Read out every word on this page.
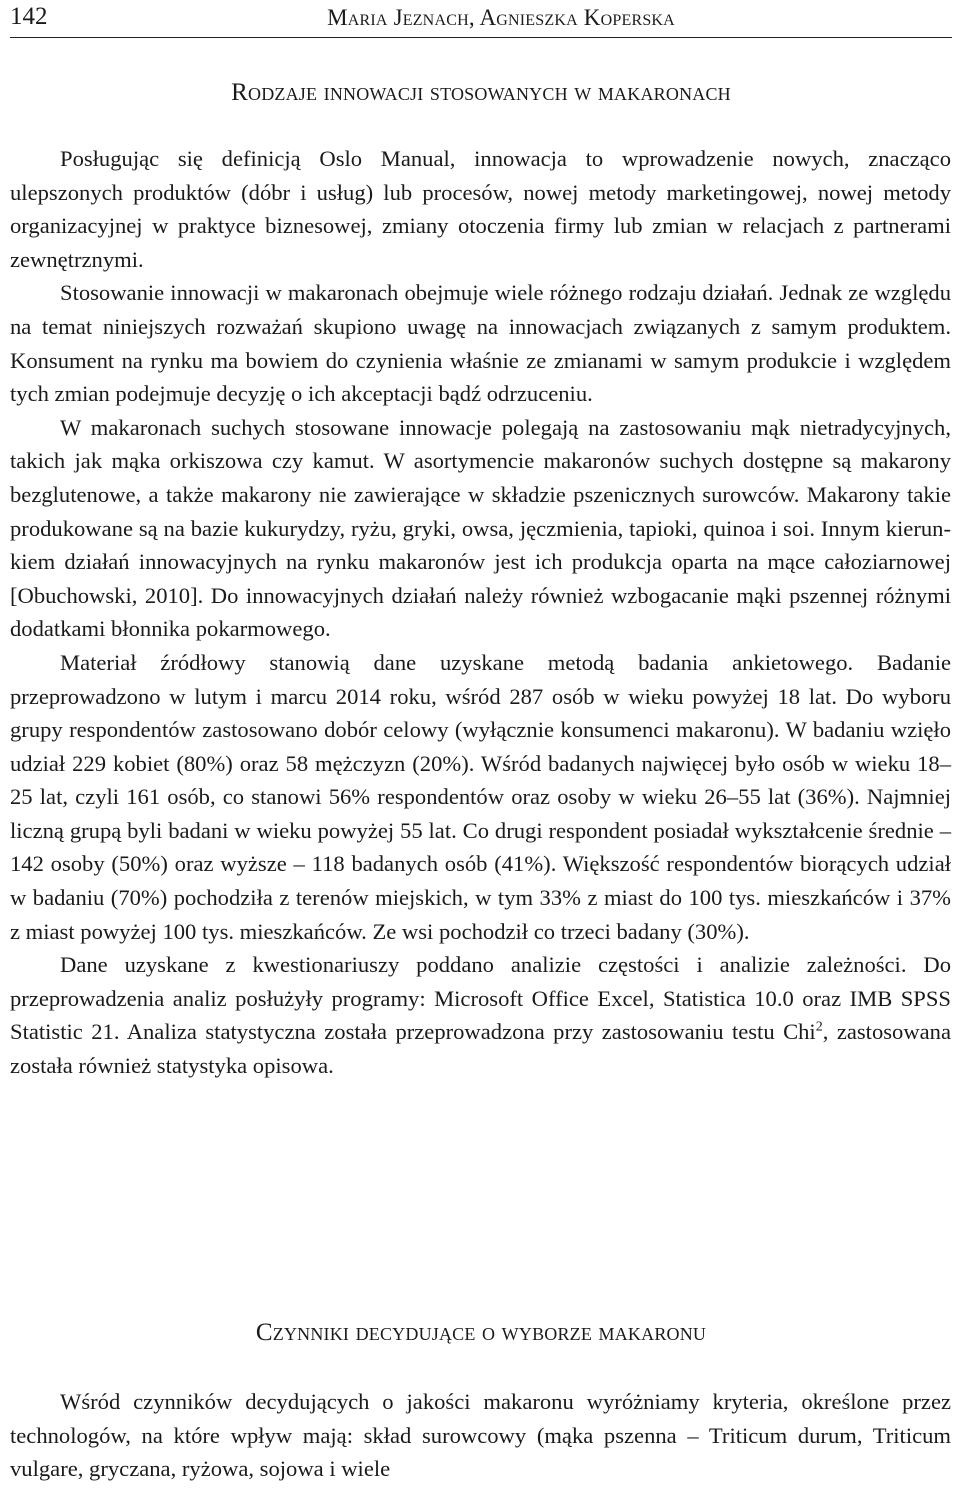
142	Maria Jeznach, Agnieszka Koperska
Rodzaje innowacji stosowanych w makaronach

Posługując się definicją Oslo Manual, innowacja to wprowadzenie nowych, znacząco ulepszonych produktów (dóbr i usług) lub procesów, nowej metody marketingowej, nowej metody organizacyjnej w praktyce biznesowej, zmiany otoczenia firmy lub zmian w relacjach z partnerami zewnętrznymi.

Stosowanie innowacji w makaronach obejmuje wiele różnego rodzaju działań. Jednak ze względu na temat niniejszych rozważań skupiono uwagę na innowacjach związanych z samym produktem. Konsument na rynku ma bowiem do czynienia właśnie ze zmianami w samym produkcie i względem tych zmian podejmuje decyzję o ich akceptacji bądź odrzuceniu.

W makaronach suchych stosowane innowacje polegają na zastosowaniu mąk nietradycyjnych, takich jak mąka orkiszowa czy kamut. W asortymencie makaronów suchych dostępne są makarony bezglutenowe, a także makarony nie zawierające w składzie pszenicznych surowców. Makarony takie produkowane są na bazie kukurydzy, ryżu, gryki, owsa, jęczmienia, tapioki, quinoa i soi. Innym kierunkiem działań innowacyjnych na rynku makaronów jest ich produkcja oparta na mące całoziarnowej [Obuchowski, 2010]. Do innowacyjnych działań należy również wzbogacanie mąki pszennej różnymi dodatkami błonnika pokarmowego.

Materiał źródłowy stanowią dane uzyskane metodą badania ankietowego. Badanie przeprowadzono w lutym i marcu 2014 roku, wśród 287 osób w wieku powyżej 18 lat. Do wyboru grupy respondentów zastosowano dobór celowy (wyłącznie konsumenci makaronu). W badaniu wzięło udział 229 kobiet (80%) oraz 58 mężczyzn (20%). Wśród badanych najwięcej było osób w wieku 18–25 lat, czyli 161 osób, co stanowi 56% respondentów oraz osoby w wieku 26–55 lat (36%). Najmniej liczną grupą byli badani w wieku powyżej 55 lat. Co drugi respondent posiadał wykształcenie średnie – 142 osoby (50%) oraz wyższe – 118 badanych osób (41%). Większość respondentów biorących udział w badaniu (70%) pochodziła z terenów miejskich, w tym 33% z miast do 100 tys. mieszkańców i 37% z miast powyżej 100 tys. mieszkańców. Ze wsi pochodził co trzeci badany (30%).

Dane uzyskane z kwestionariuszy poddano analizie częstości i analizie zależności. Do przeprowadzenia analiz posłużyły programy: Microsoft Office Excel, Statistica 10.0 oraz IMB SPSS Statistic 21. Analiza statystyczna została przeprowadzona przy zastosowaniu testu Chi$^2$, zastosowana została również statystyka opisowa.

Czynniki decydujące o wyborze makaronu

Wśród czynników decydujących o jakości makaronu wyróżniamy kryteria, określone przez technologów, na które wpływ mają: skład surowcowy (mąka pszenna – Triticum durum, Triticum vulgare, gryczana, ryżowa, sojowa i wiele
